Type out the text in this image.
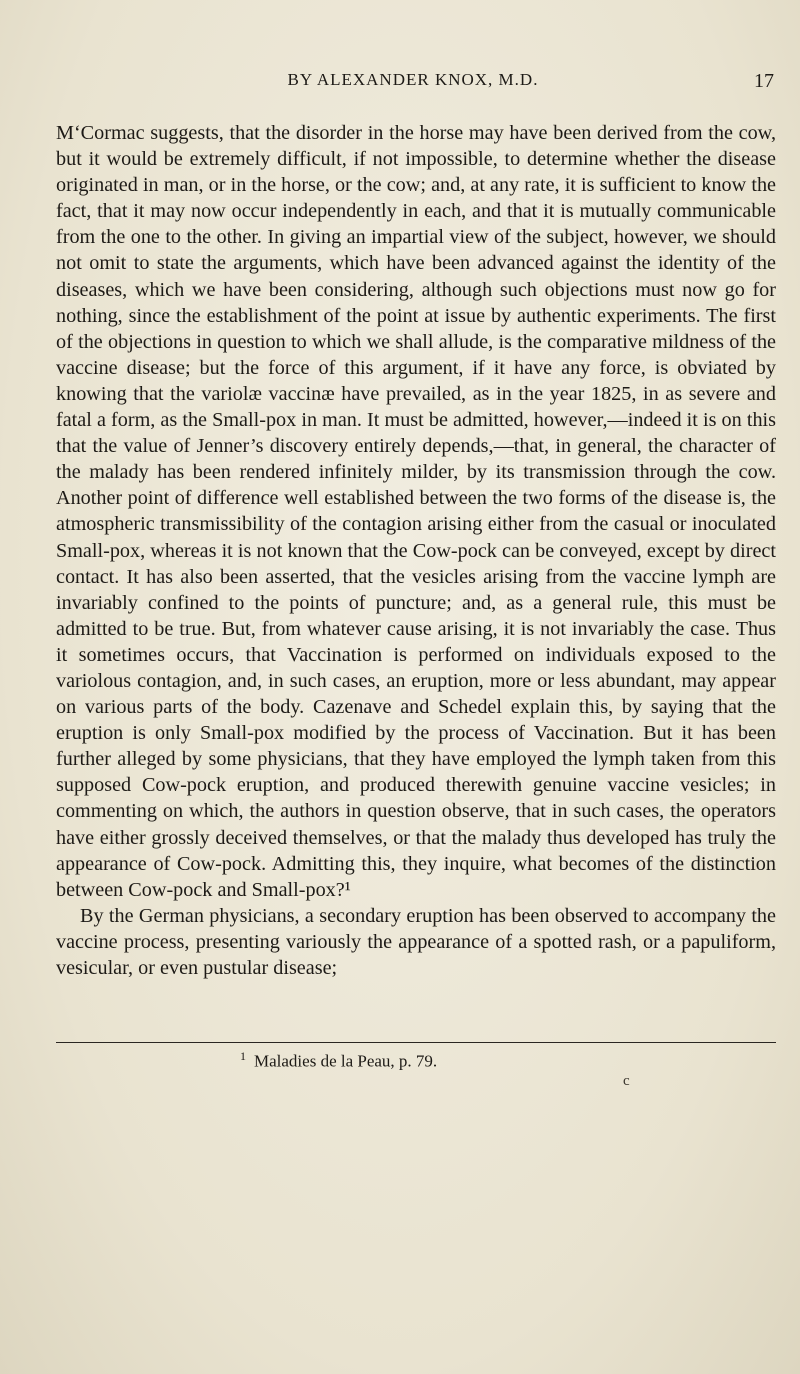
BY ALEXANDER KNOX, M.D.	17

M‘Cormac suggests, that the disorder in the horse may have been derived from the cow, but it would be extremely difficult, if not impossible, to determine whether the disease originated in man, or in the horse, or the cow; and, at any rate, it is sufficient to know the fact, that it may now occur independently in each, and that it is mutually communicable from the one to the other. In giving an impartial view of the subject, however, we should not omit to state the arguments, which have been advanced against the identity of the diseases, which we have been considering, although such objections must now go for nothing, since the establishment of the point at issue by authentic experiments. The first of the objections in question to which we shall allude, is the comparative mildness of the vaccine disease; but the force of this argument, if it have any force, is obviated by knowing that the variolæ vaccinæ have prevailed, as in the year 1825, in as severe and fatal a form, as the Small-pox in man. It must be admitted, however,—indeed it is on this that the value of Jenner’s discovery entirely depends,—that, in general, the character of the malady has been rendered infinitely milder, by its transmission through the cow. Another point of difference well established between the two forms of the disease is, the atmospheric transmissibility of the contagion arising either from the casual or inoculated Small-pox, whereas it is not known that the Cow-pock can be conveyed, except by direct contact. It has also been asserted, that the vesicles arising from the vaccine lymph are invariably confined to the points of puncture; and, as a general rule, this must be admitted to be true. But, from whatever cause arising, it is not invariably the case. Thus it sometimes occurs, that Vaccination is performed on individuals exposed to the variolous contagion, and, in such cases, an eruption, more or less abundant, may appear on various parts of the body. Cazenave and Schedel explain this, by saying that the eruption is only Small-pox modified by the process of Vaccination. But it has been further alleged by some physicians, that they have employed the lymph taken from this supposed Cow-pock eruption, and produced therewith genuine vaccine vesicles; in commenting on which, the authors in question observe, that in such cases, the operators have either grossly deceived themselves, or that the malady thus developed has truly the appearance of Cow-pock. Admitting this, they inquire, what becomes of the distinction between Cow-pock and Small-pox?¹

By the German physicians, a secondary eruption has been observed to accompany the vaccine process, presenting variously the appearance of a spotted rash, or a papuliform, vesicular, or even pustular disease;

$^1$ Maladies de la Peau, p. 79.
c
